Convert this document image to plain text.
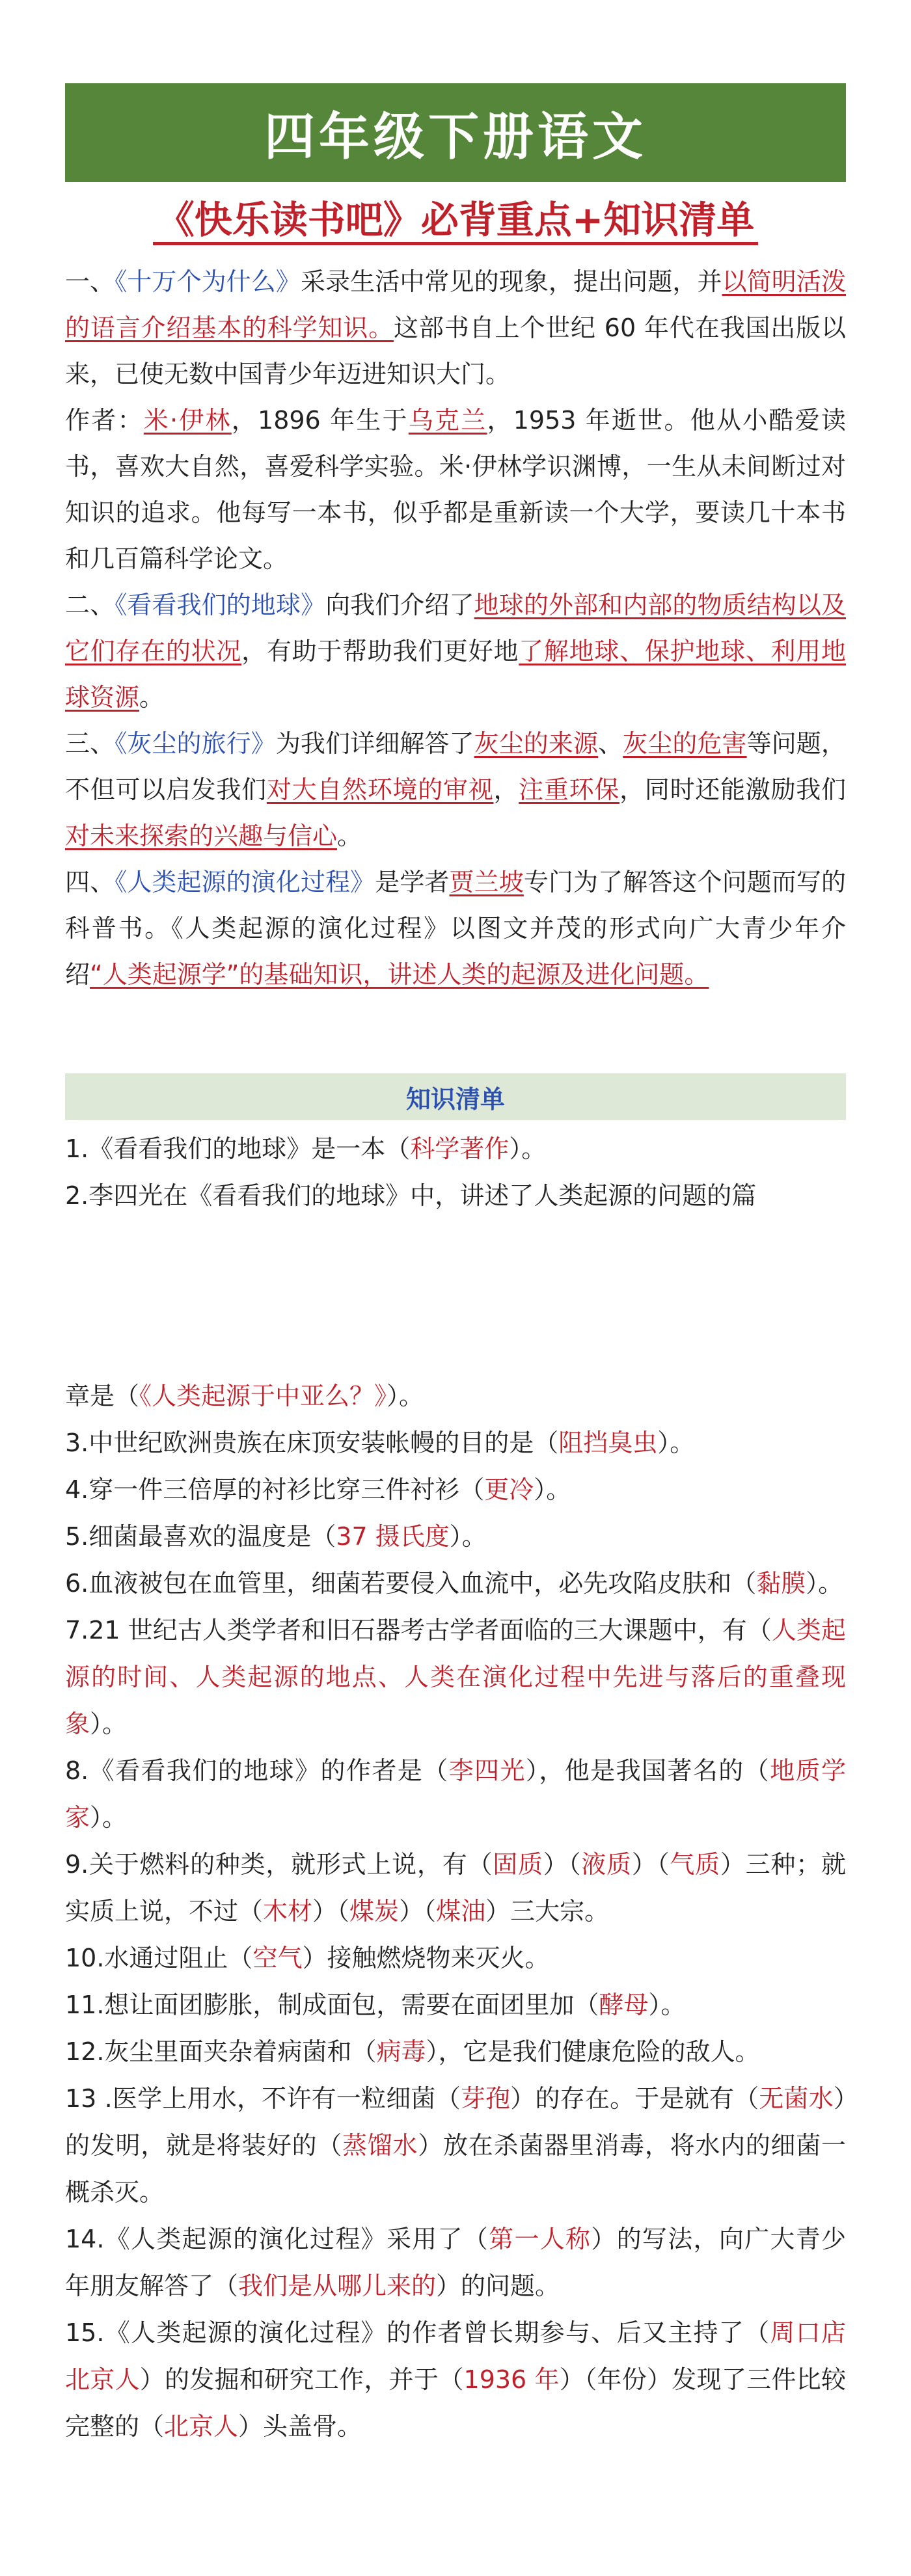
四年级下册语文
《快乐读书吧》必背重点+知识清单

一、《十万个为什么》采录生活中常见的现象，提出问题，并以简明活泼的语言介绍基本的科学知识。这部书自上个世纪 60 年代在我国出版以来，已使无数中国青少年迈进知识大门。

作者：米·伊林，1896 年生于乌克兰，1953 年逝世。他从小酷爱读书，喜欢大自然，喜爱科学实验。米·伊林学识渊博，一生从未间断过对知识的追求。他每写一本书，似乎都是重新读一个大学，要读几十本书和几百篇科学论文。

二、《看看我们的地球》向我们介绍了地球的外部和内部的物质结构以及它们存在的状况，有助于帮助我们更好地了解地球、保护地球、利用地球资源。

三、《灰尘的旅行》为我们详细解答了灰尘的来源、灰尘的危害等问题，不但可以启发我们对大自然环境的审视，注重环保，同时还能激励我们对未来探索的兴趣与信心。

四、《人类起源的演化过程》是学者贾兰坡专门为了解答这个问题而写的科普书。《人类起源的演化过程》以图文并茂的形式向广大青少年介绍“人类起源学”的基础知识，讲述人类的起源及进化问题。

知识清单

1.《看看我们的地球》是一本（科学著作）。

2.李四光在《看看我们的地球》中，讲述了人类起源的问题的篇

章是（《人类起源于中亚么？》）。

3.中世纪欧洲贵族在床顶安装帐幔的目的是（阻挡臭虫）。

4.穿一件三倍厚的衬衫比穿三件衬衫（更冷）。

5.细菌最喜欢的温度是（37 摄氏度）。

6.血液被包在血管里，细菌若要侵入血流中，必先攻陷皮肤和（黏膜）。

7.21 世纪古人类学者和旧石器考古学者面临的三大课题中，有（人类起源的时间、人类起源的地点、人类在演化过程中先进与落后的重叠现象）。

8.《看看我们的地球》的作者是（李四光），他是我国著名的（地质学家）。

9.关于燃料的种类，就形式上说，有（固质）（液质）（气质）三种；就实质上说，不过（木材）（煤炭）（煤油）三大宗。

10.水通过阻止（空气）接触燃烧物来灭火。

11.想让面团膨胀，制成面包，需要在面团里加（酵母）。

12.灰尘里面夹杂着病菌和（病毒），它是我们健康危险的敌人。

13 .医学上用水，不许有一粒细菌（芽孢）的存在。于是就有（无菌水）的发明，就是将装好的（蒸馏水）放在杀菌器里消毒，将水内的细菌一概杀灭。

14.《人类起源的演化过程》采用了（第一人称）的写法，向广大青少年朋友解答了（我们是从哪儿来的）的问题。

15.《人类起源的演化过程》的作者曾长期参与、后又主持了（周口店北京人）的发掘和研究工作，并于（1936 年）（年份）发现了三件比较完整的（北京人）头盖骨。
